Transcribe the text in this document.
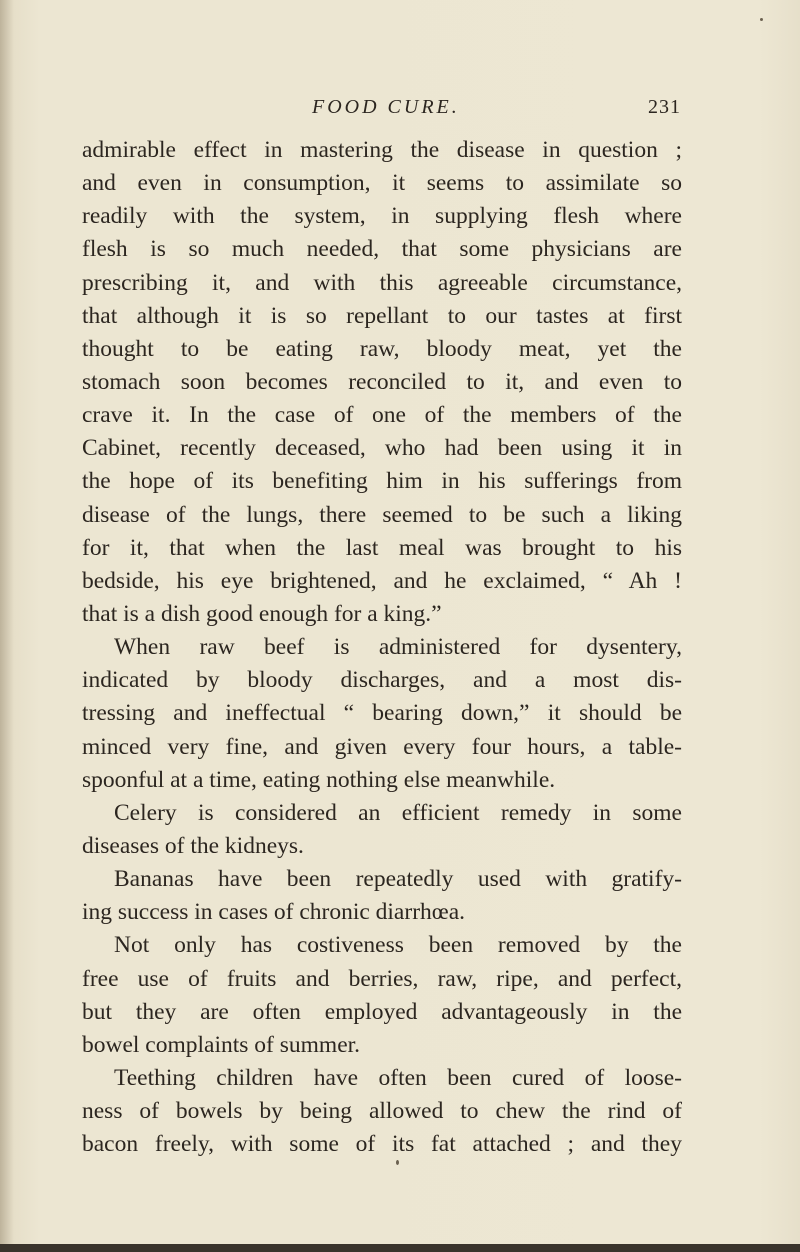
FOOD CURE.	231
admirable effect in mastering the disease in question ;
and even in consumption, it seems to assimilate so
readily with the system, in supplying flesh where
flesh is so much needed, that some physicians are
prescribing it, and with this agreeable circumstance,
that although it is so repellant to our tastes at first
thought to be eating raw, bloody meat, yet the
stomach soon becomes reconciled to it, and even to
crave it. In the case of one of the members of the
Cabinet, recently deceased, who had been using it in
the hope of its benefiting him in his sufferings from
disease of the lungs, there seemed to be such a liking
for it, that when the last meal was brought to his
bedside, his eye brightened, and he exclaimed, “ Ah !
that is a dish good enough for a king.”
When raw beef is administered for dysentery,
indicated by bloody discharges, and a most dis-
tressing and ineffectual “ bearing down,” it should be
minced very fine, and given every four hours, a table-
spoonful at a time, eating nothing else meanwhile.
Celery is considered an efficient remedy in some
diseases of the kidneys.
Bananas have been repeatedly used with gratify-
ing success in cases of chronic diarrhœa.
Not only has costiveness been removed by the
free use of fruits and berries, raw, ripe, and perfect,
but they are often employed advantageously in the
bowel complaints of summer.
Teething children have often been cured of loose-
ness of bowels by being allowed to chew the rind of
bacon freely, with some of its fat attached ; and they
